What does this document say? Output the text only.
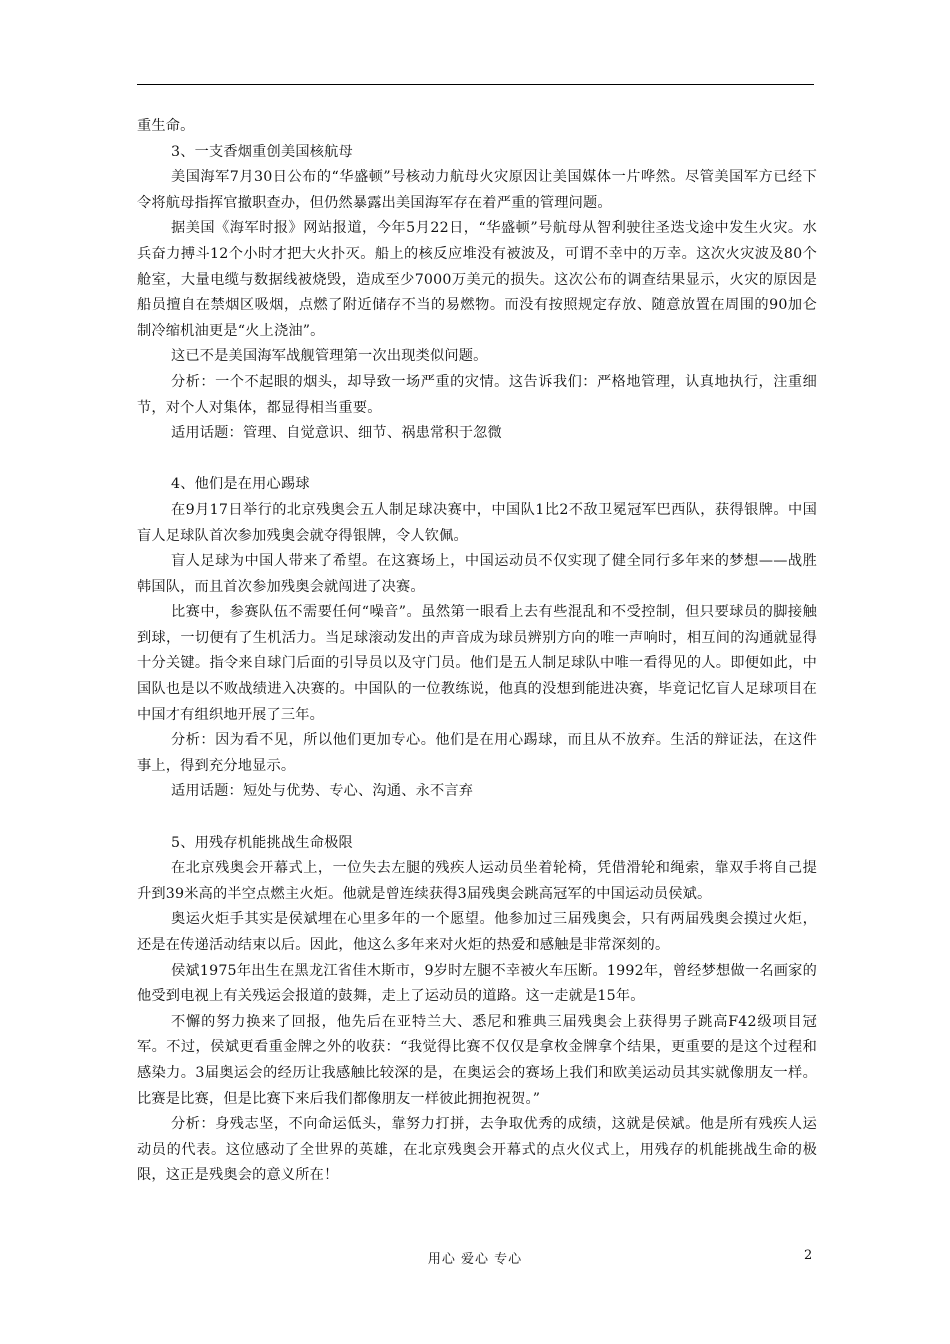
重生命。

3、一支香烟重创美国核航母

美国海军7月30日公布的“华盛顿”号核动力航母火灾原因让美国媒体一片哗然。尽管美国军方已经下令将航母指挥官撤职查办，但仍然暴露出美国海军存在着严重的管理问题。

据美国《海军时报》网站报道，今年5月22日，“华盛顿”号航母从智利驶往圣迭戈途中发生火灾。水兵奋力搏斗12个小时才把大火扑灭。船上的核反应堆没有被波及，可谓不幸中的万幸。这次火灾波及80个舱室，大量电缆与数据线被烧毁，造成至少7000万美元的损失。这次公布的调查结果显示，火灾的原因是船员擅自在禁烟区吸烟，点燃了附近储存不当的易燃物。而没有按照规定存放、随意放置在周围的90加仑制冷缩机油更是“火上浇油”。

这已不是美国海军战舰管理第一次出现类似问题。

分析：一个不起眼的烟头，却导致一场严重的灾情。这告诉我们：严格地管理，认真地执行，注重细节，对个人对集体，都显得相当重要。

适用话题：管理、自觉意识、细节、祸患常积于忽微

4、他们是在用心踢球

在9月17日举行的北京残奥会五人制足球决赛中，中国队1比2不敌卫冕冠军巴西队，获得银牌。中国盲人足球队首次参加残奥会就夺得银牌，令人钦佩。

盲人足球为中国人带来了希望。在这赛场上，中国运动员不仅实现了健全同行多年来的梦想——战胜韩国队，而且首次参加残奥会就闯进了决赛。

比赛中，参赛队伍不需要任何“噪音”。虽然第一眼看上去有些混乱和不受控制，但只要球员的脚接触到球，一切便有了生机活力。当足球滚动发出的声音成为球员辨别方向的唯一声响时，相互间的沟通就显得十分关键。指令来自球门后面的引导员以及守门员。他们是五人制足球队中唯一看得见的人。即便如此，中国队也是以不败战绩进入决赛的。中国队的一位教练说，他真的没想到能进决赛，毕竟记忆盲人足球项目在中国才有组织地开展了三年。

分析：因为看不见，所以他们更加专心。他们是在用心踢球，而且从不放弃。生活的辩证法，在这件事上，得到充分地显示。

适用话题：短处与优势、专心、沟通、永不言弃

5、用残存机能挑战生命极限

在北京残奥会开幕式上，一位失去左腿的残疾人运动员坐着轮椅，凭借滑轮和绳索，靠双手将自己提升到39米高的半空点燃主火炬。他就是曾连续获得3届残奥会跳高冠军的中国运动员侯斌。

奥运火炬手其实是侯斌埋在心里多年的一个愿望。他参加过三届残奥会，只有两届残奥会摸过火炬，还是在传递活动结束以后。因此，他这么多年来对火炬的热爱和感触是非常深刻的。

侯斌1975年出生在黑龙江省佳木斯市，9岁时左腿不幸被火车压断。1992年，曾经梦想做一名画家的他受到电视上有关残运会报道的鼓舞，走上了运动员的道路。这一走就是15年。

不懈的努力换来了回报，他先后在亚特兰大、悉尼和雅典三届残奥会上获得男子跳高F42级项目冠军。不过，侯斌更看重金牌之外的收获：“我觉得比赛不仅仅是拿枚金牌拿个结果，更重要的是这个过程和感染力。3届奥运会的经历让我感触比较深的是，在奥运会的赛场上我们和欧美运动员其实就像朋友一样。比赛是比赛，但是比赛下来后我们都像朋友一样彼此拥抱祝贺。”

分析：身残志坚，不向命运低头，靠努力打拼，去争取优秀的成绩，这就是侯斌。他是所有残疾人运动员的代表。这位感动了全世界的英雄，在北京残奥会开幕式的点火仪式上，用残存的机能挑战生命的极限，这正是残奥会的意义所在！

用心 爱心 专心	2
